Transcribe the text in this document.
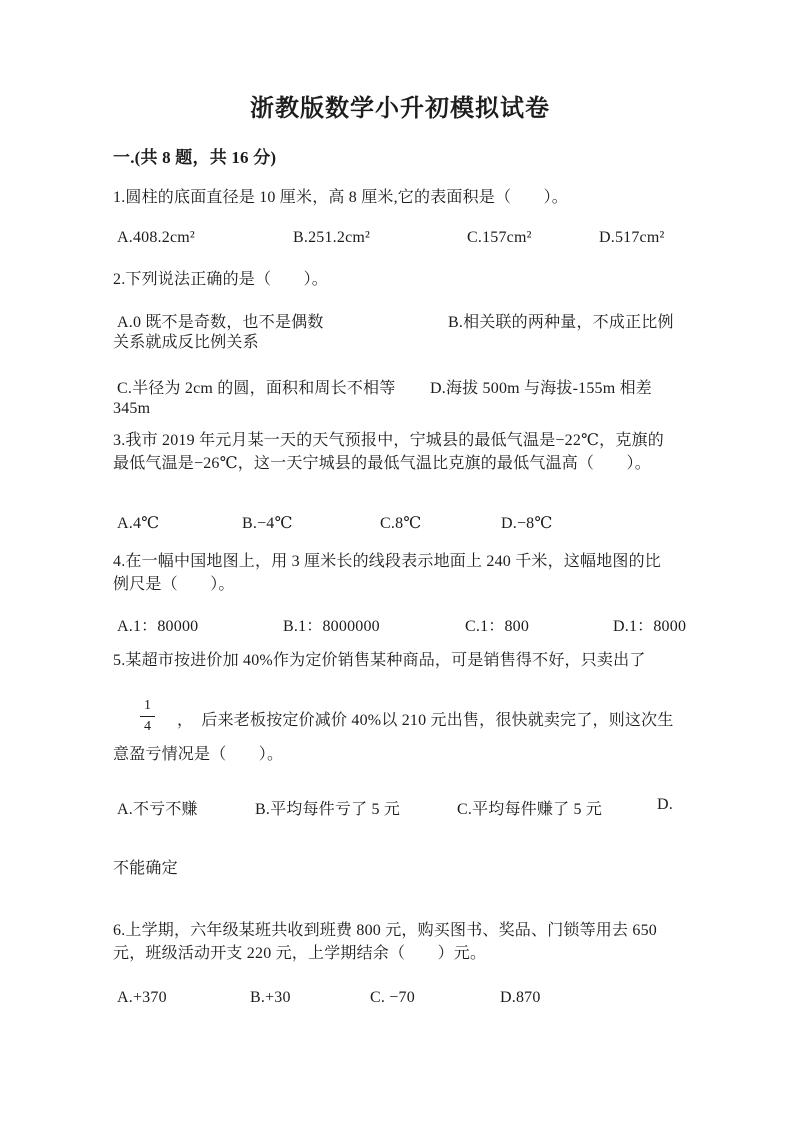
浙教版数学小升初模拟试卷
一.(共 8 题，共 16 分)
1.圆柱的底面直径是 10 厘米，高 8 厘米,它的表面积是（　　）。
A.408.2cm²	B.251.2cm²	C.157cm²	D.517cm²
2.下列说法正确的是（　　）。
A.0 既不是奇数，也不是偶数	B.相关联的两种量，不成正比例
关系就成反比例关系
C.半径为 2cm 的圆，面积和周长不相等 D.海拔 500m 与海拔-155m 相差
345m
3.我市 2019 年元月某一天的天气预报中，宁城县的最低气温是−22℃，克旗的
最低气温是−26℃，这一天宁城县的最低气温比克旗的最低气温高（　　）。
A.4℃	B.−4℃	C.8℃	D.−8℃
4.在一幅中国地图上，用 3 厘米长的线段表示地面上 240 千米，这幅地图的比
例尺是（　　）。
A.1：80000	B.1：8000000	C.1：800	D.1：8000
5.某超市按进价加 40%作为定价销售某种商品，可是销售得不好，只卖出了
$\frac{1}{4}$ ，　后来老板按定价减价 40%以 210 元出售，很快就卖完了，则这次生
意盈亏情况是（　　）。
A.不亏不赚	B.平均每件亏了 5 元	C.平均每件赚了 5 元	D.
不能确定
6.上学期，六年级某班共收到班费 800 元，购买图书、奖品、门锁等用去 650
元，班级活动开支 220 元，上学期结余（　　）元。
A.+370	B.+30	C. −70	D.870
